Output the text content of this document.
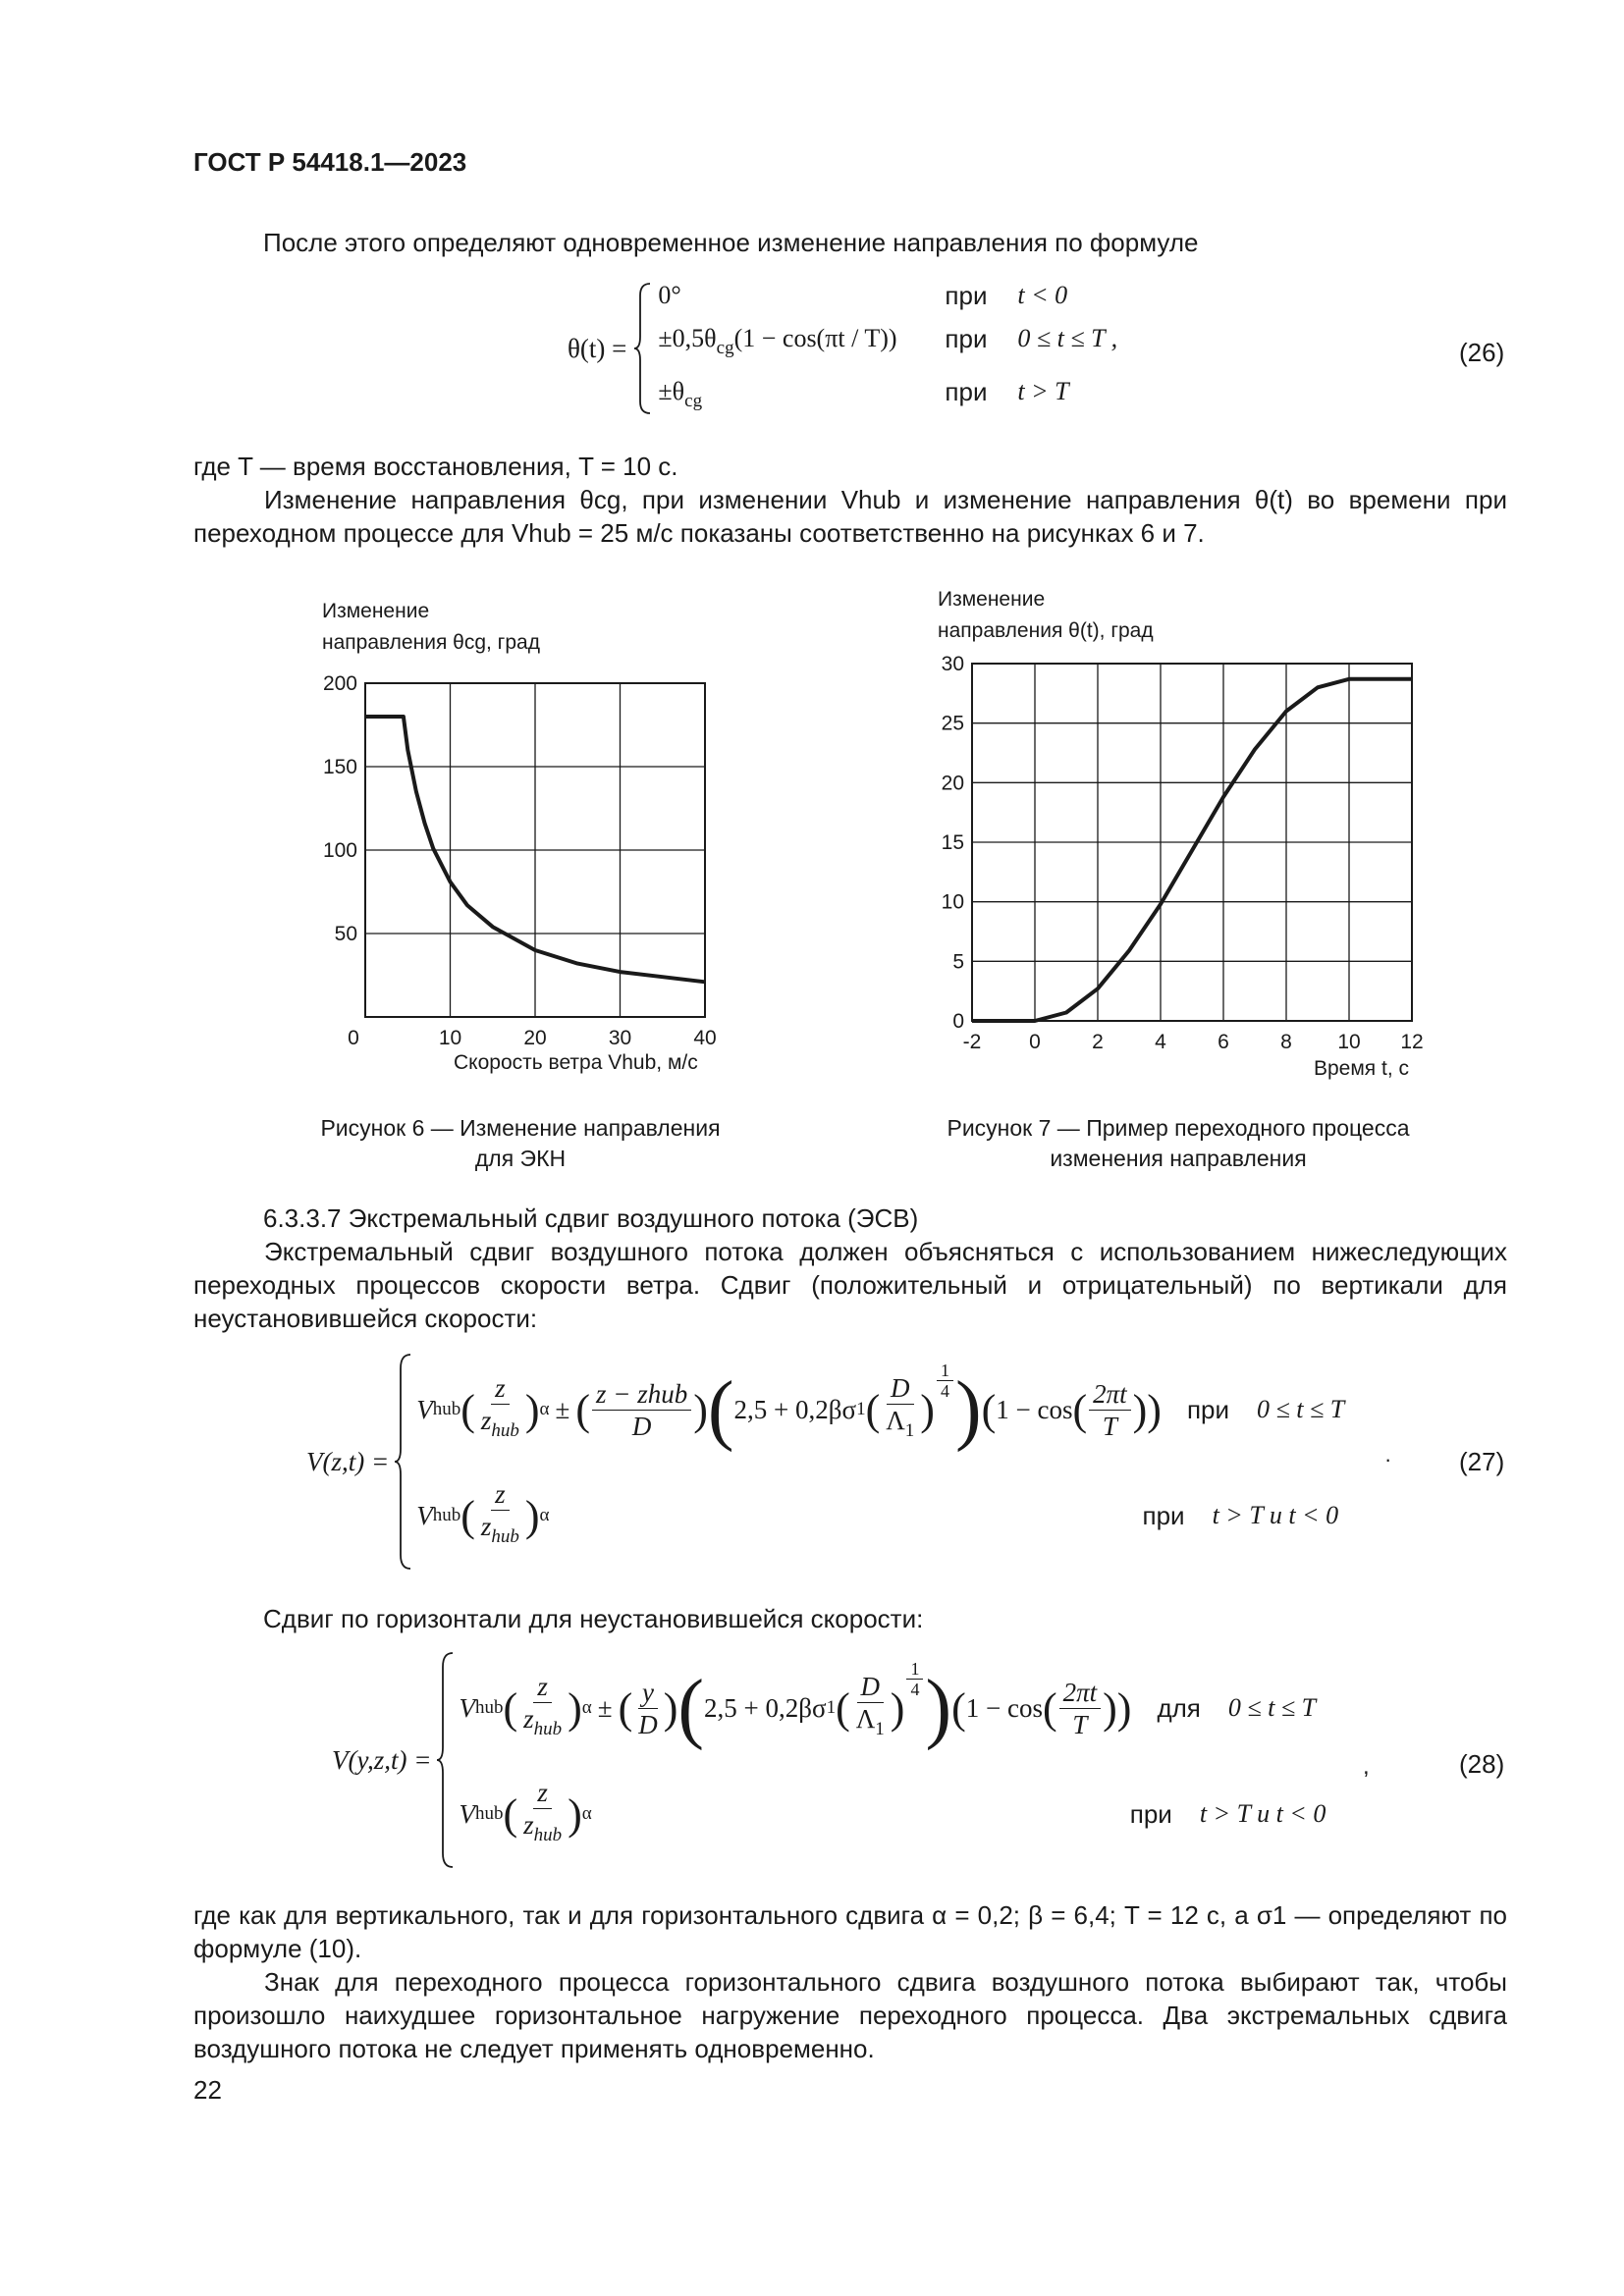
ГОСТ Р 54418.1—2023
После этого определяют одновременное изменение направления по формуле
θ(t) =
0°	при	t < 0
$\pm 0,5\theta_{cg}(1 - \cos(\pi t / T))$	при	0 ≤ t ≤ T ,
$\pm\theta_{cg}$	при	t > T
(26)
где T — время восстановления, T = 10 с.
Изменение направления θcg, при изменении Vhub и изменение направления θ(t) во времени при переходном процессе для Vhub = 25 м/с показаны соответственно на рисунках 6 и 7.
Изменение
направления θcg, град
10	20	30	40
50
100
150
200
0
Скорость ветра Vhub, м/с
Рисунок 6 — Изменение направления
для ЭКН
Изменение
направления θ(t), град
-2 0 2 4 6 8 10 12
0
5
10
15
20
25
30
Время t, с
Рисунок 7 — Пример переходного процесса
изменения направления
6.3.3.7 Экстремальный сдвиг воздушного потока (ЭСВ)
Экстремальный сдвиг воздушного потока должен объясняться с использованием нижеследующих переходных процессов скорости ветра. Сдвиг (положительный и отрицательный) по вертикали для неустановившейся скорости:
V(z,t) =
V hub ( $\frac{z}{z_{hub}}$ ) α ± ( $\frac{\text{z − zhub}}{D}$ ) ( 2,5 + 0,2βσ 1 ( $\frac{D}{\Lambda_1}$ )
$\frac{1}{4}$ ) ( 1 − cos ( $\frac{2\pi t}{T}$ )) при 0 ≤ t ≤ T
V hub ( $\frac{z}{z_{hub}}$ ) α	при t > T и t < 0
·	(27)
Сдвиг по горизонтали для неустановившейся скорости:
V(y,z,t) =
V hub ( $\frac{z}{z_{hub}}$ ) α ± ( $\frac{y}{D}$ ) ( 2,5 + 0,2βσ 1 ( $\frac{D}{\Lambda_1}$ )
$\frac{1}{4}$ ) ( 1 − cos ( $\frac{2\pi t}{T}$ )) для 0 ≤ t ≤ T
V hub ( $\frac{z}{z_{hub}}$ ) α	при t > T и t < 0
,	(28)
где как для вертикального, так и для горизонтального сдвига α = 0,2; β = 6,4; T = 12 с, а σ1 — определяют по формуле (10).
Знак для переходного процесса горизонтального сдвига воздушного потока выбирают так, чтобы произошло наихудшее горизонтальное нагружение переходного процесса. Два экстремальных сдвига воздушного потока не следует применять одновременно.
22
